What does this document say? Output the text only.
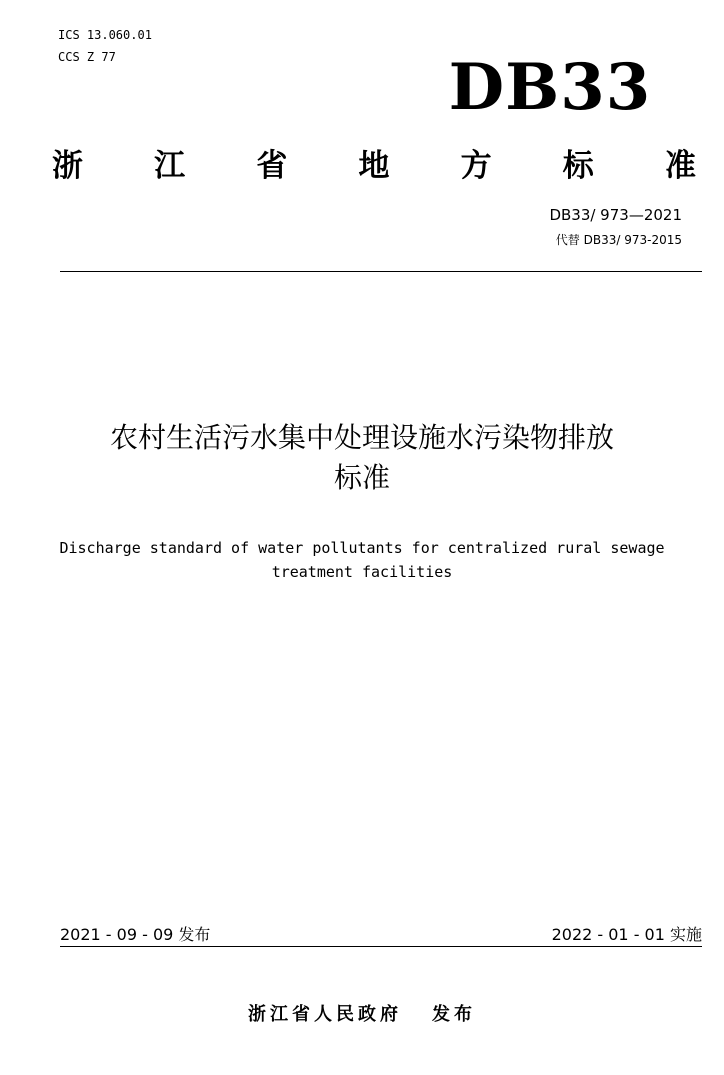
ICS 13.060.01
CCS Z 77	DB33
浙 江 省 地 方 标 准
DB33/ 973—2021
代替 DB33/ 973-2015
农村生活污水集中处理设施水污染物排放
标准
Discharge standard of water pollutants for centralized rural sewage
treatment facilities
2021 - 09 - 09 发布	2022 - 01 - 01 实施
浙江省人民政府 发布
